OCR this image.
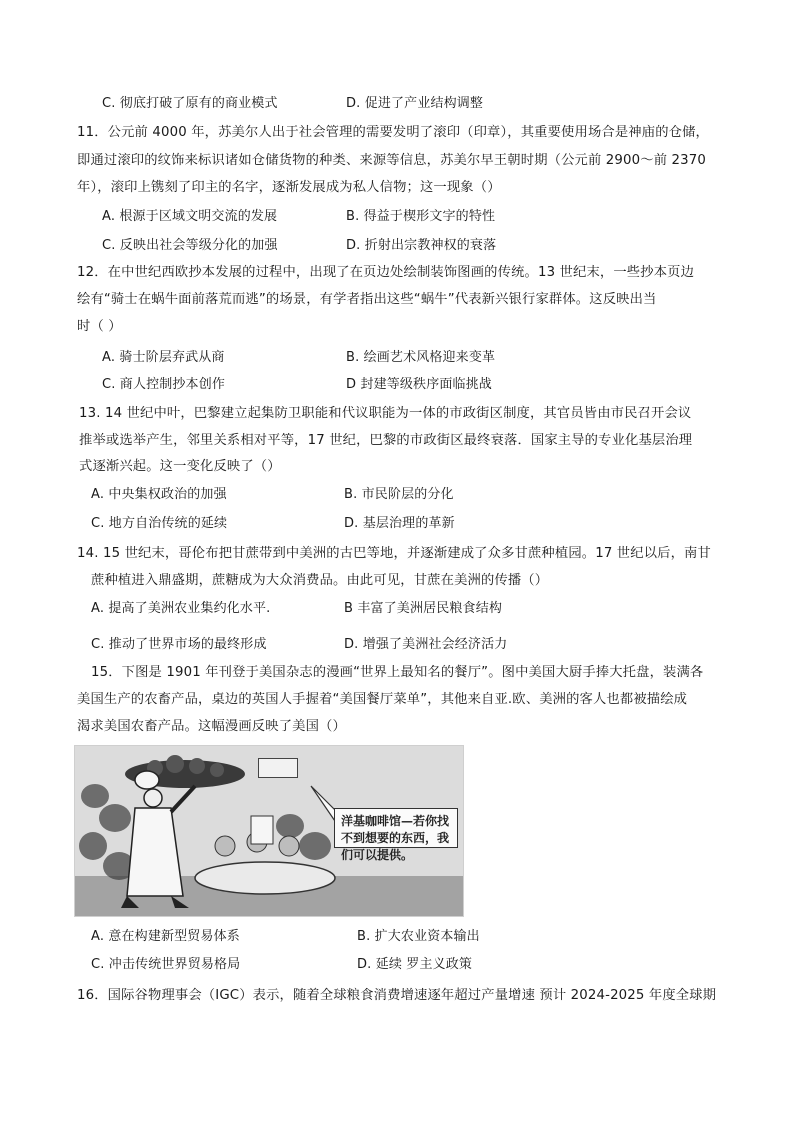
C. 彻底打破了原有的商业模式	D. 促进了产业结构调整
11．公元前 4000 年，苏美尔人出于社会管理的需要发明了滚印（印章），其重要使用场合是神庙的仓储，
即通过滚印的纹饰来标识诸如仓储货物的种类、来源等信息，苏美尔早王朝时期（公元前 2900～前 2370
年），滚印上镌刻了印主的名字，逐渐发展成为私人信物；这一现象（）
A. 根源于区域文明交流的发展	B. 得益于楔形文字的特性
C. 反映出社会等级分化的加强	D. 折射出宗教神权的衰落
12．在中世纪西欧抄本发展的过程中，出现了在页边处绘制装饰图画的传统。13 世纪末，一些抄本页边
绘有“骑士在蜗牛面前落荒而逃”的场景，有学者指出这些“蜗牛”代表新兴银行家群体。这反映出当
时（ ）
A. 骑士阶层弃武从商	B. 绘画艺术风格迎来变革
C. 商人控制抄本创作	D 封建等级秩序面临挑战
13. 14 世纪中叶，巴黎建立起集防卫职能和代议职能为一体的市政街区制度，其官员皆由市民召开会议
推举或选举产生，邻里关系相对平等，17 世纪，巴黎的市政街区最终衰落．国家主导的专业化基层治理
式逐渐兴起。这一变化反映了（）
A. 中央集权政治的加强	B. 市民阶层的分化
C. 地方自治传统的延续	D. 基层治理的革新
14. 15 世纪末，哥伦布把甘蔗带到中美洲的古巴等地，并逐渐建成了众多甘蔗种植园。17 世纪以后，南甘
蔗种植进入鼎盛期，蔗糖成为大众消费品。由此可见，甘蔗在美洲的传播（）
A. 提高了美洲农业集约化水平.	B 丰富了美洲居民粮食结构
C. 推动了世界市场的最终形成	D. 增强了美洲社会经济活力
15．下图是 1901 年刊登于美国杂志的漫画“世界上最知名的餐厅”。图中美国大厨手捧大托盘，装满各
美国生产的农畜产品，桌边的英国人手握着“美国餐厅菜单”，其他来自亚.欧、美洲的客人也都被描绘成
渴求美国农畜产品。这幅漫画反映了美国（）
洋基咖啡馆—若你找不到想要的东西，我们可以提供。
A. 意在构建新型贸易体系	B. 扩大农业资本输出
C. 冲击传统世界贸易格局	D. 延续 罗主义政策
16．国际谷物理事会（IGC）表示，随着全球粮食消费增速逐年超过产量增速 预计 2024-2025 年度全球期
